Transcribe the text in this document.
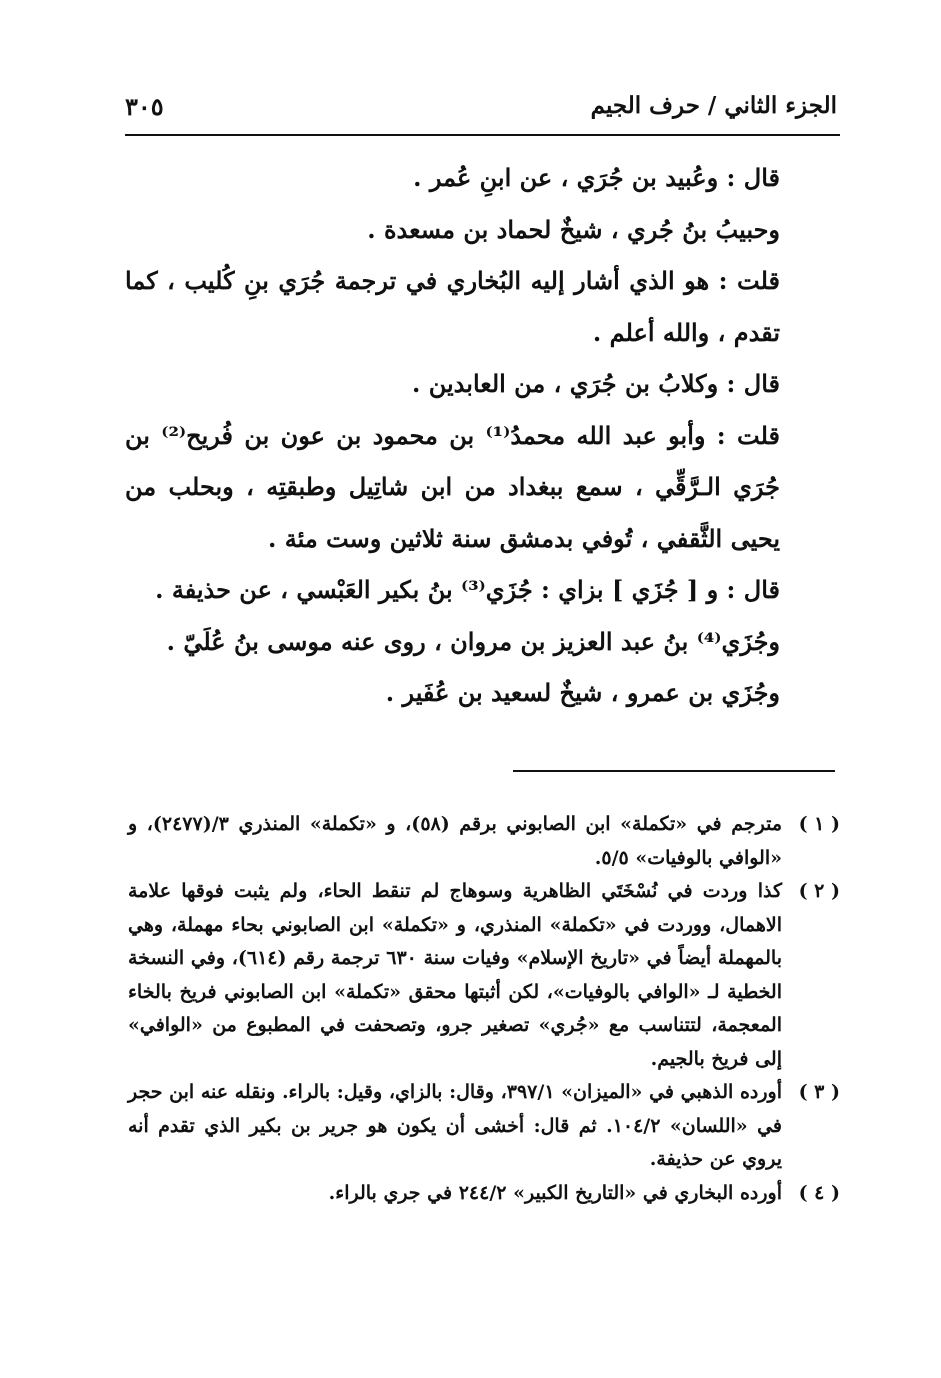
٣٠٥	الجزء الثاني / حرف الجيم

قال : وعُبيد بن جُرَي ، عن ابنِ عُمر .

وحبيبُ بنُ جُري ، شيخٌ لحماد بن مسعدة .

قلت : هو الذي أشار إليه البُخاري في ترجمة جُرَي بنِ كُليب ، كما تقدم ، والله أعلم .

قال : وكلابُ بن جُرَي ، من العابدين .

قلت : وأبو عبد الله محمدُ⁽¹⁾ بن محمود بن عون بن فُريح⁽²⁾ بن جُرَي الـرَّقِّي ، سمع ببغداد من ابن شاتِيل وطبقتِه ، وبحلب من يحيى الثَّقفي ، تُوفي بدمشق سنة ثلاثين وست مئة .

قال : و [ جُزَي ] بزاي : جُزَي⁽³⁾ بنُ بكير العَبْسي ، عن حذيفة .

وجُزَي⁽⁴⁾ بنُ عبد العزيز بن مروان ، روى عنه موسى بنُ عُلَيّ .

وجُزَي بن عمرو ، شيخٌ لسعيد بن عُفَير .

( ١ )
مترجم في «تكملة» ابن الصابوني برقم (٥٨)، و «تكملة» المنذري ٣/(٢٤٧٧)، و «الوافي بالوفيات» ٥/٥.
( ٢ )
كذا وردت في نُسْخَتَي الظاهرية وسوهاج لم تنقط الحاء، ولم يثبت فوقها علامة الاهمال، ووردت في «تكملة» المنذري، و «تكملة» ابن الصابوني بحاء مهملة، وهي بالمهملة أيضاً في «تاريخ الإسلام» وفيات سنة ٦٣٠ ترجمة رقم (٦١٤)، وفي النسخة الخطية لـ «الوافي بالوفيات»، لكن أثبتها محقق «تكملة» ابن الصابوني فريخ بالخاء المعجمة، لتتناسب مع «جُري» تصغير جرو، وتصحفت في المطبوع من «الوافي» إلى فريخ بالجيم.
( ٣ )
أورده الذهبي في «الميزان» ٣٩٧/١، وقال: بالزاي، وقيل: بالراء. ونقله عنه ابن حجر في «اللسان» ١٠٤/٢. ثم قال: أخشى أن يكون هو جرير بن بكير الذي تقدم أنه يروي عن حذيفة.
( ٤ )
أورده البخاري في «التاريخ الكبير» ٢٤٤/٢ في جري بالراء.
